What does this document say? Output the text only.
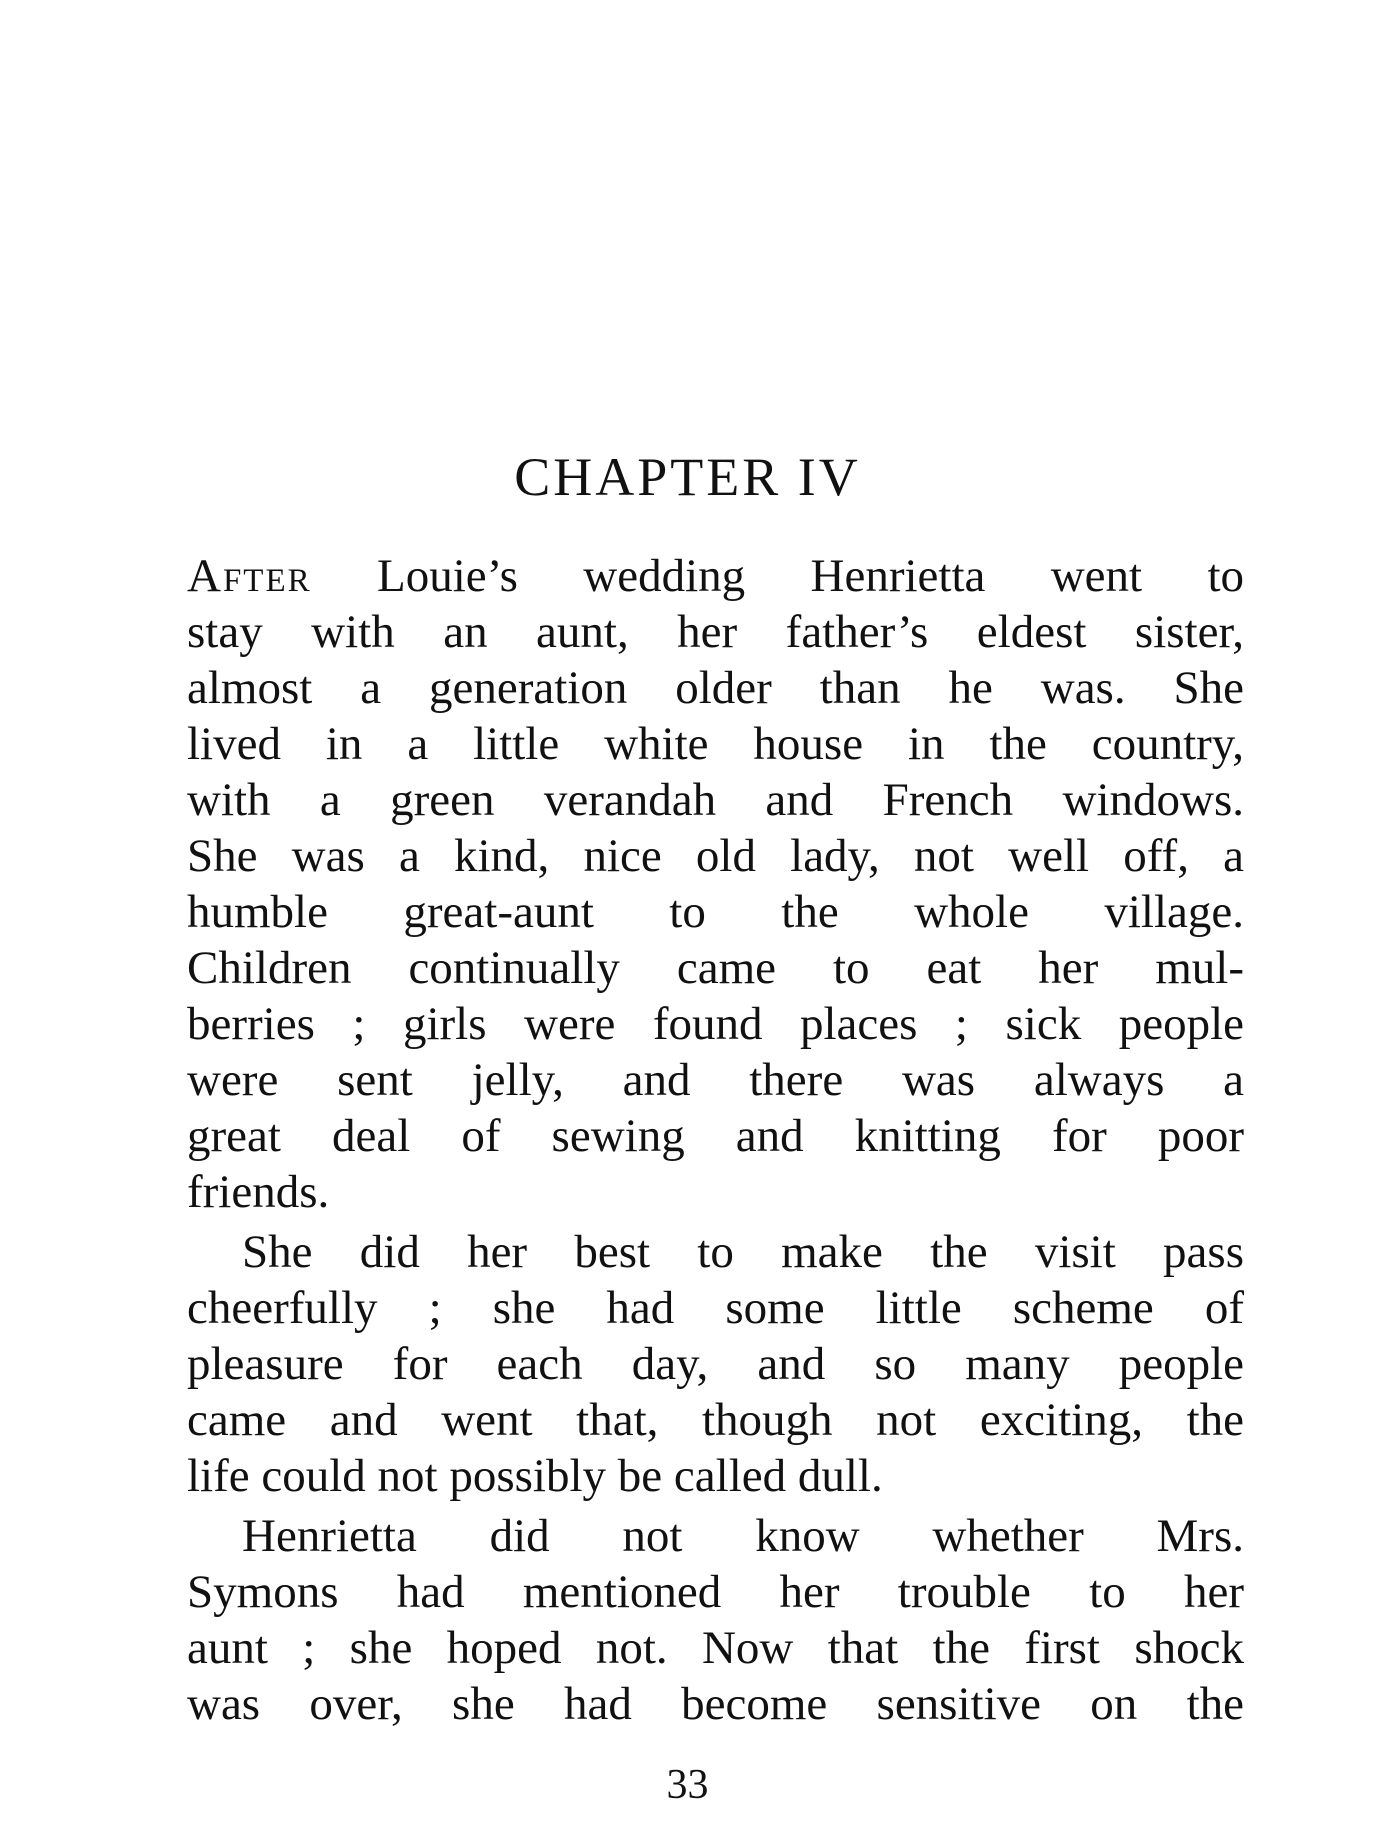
CHAPTER IV
After Louie’s wedding Henrietta went to
stay with an aunt, her father’s eldest sister,
almost a generation older than he was. She
lived in a little white house in the country,
with a green verandah and French windows.
She was a kind, nice old lady, not well off, a
humble great-aunt to the whole village.
Children continually came to eat her mul-
berries ; girls were found places ; sick people
were sent jelly, and there was always a
great deal of sewing and knitting for poor
friends.
She did her best to make the visit pass
cheerfully ; she had some little scheme of
pleasure for each day, and so many people
came and went that, though not exciting, the
life could not possibly be called dull.
Henrietta did not know whether Mrs.
Symons had mentioned her trouble to her
aunt ; she hoped not. Now that the first shock
was over, she had become sensitive on the
33
